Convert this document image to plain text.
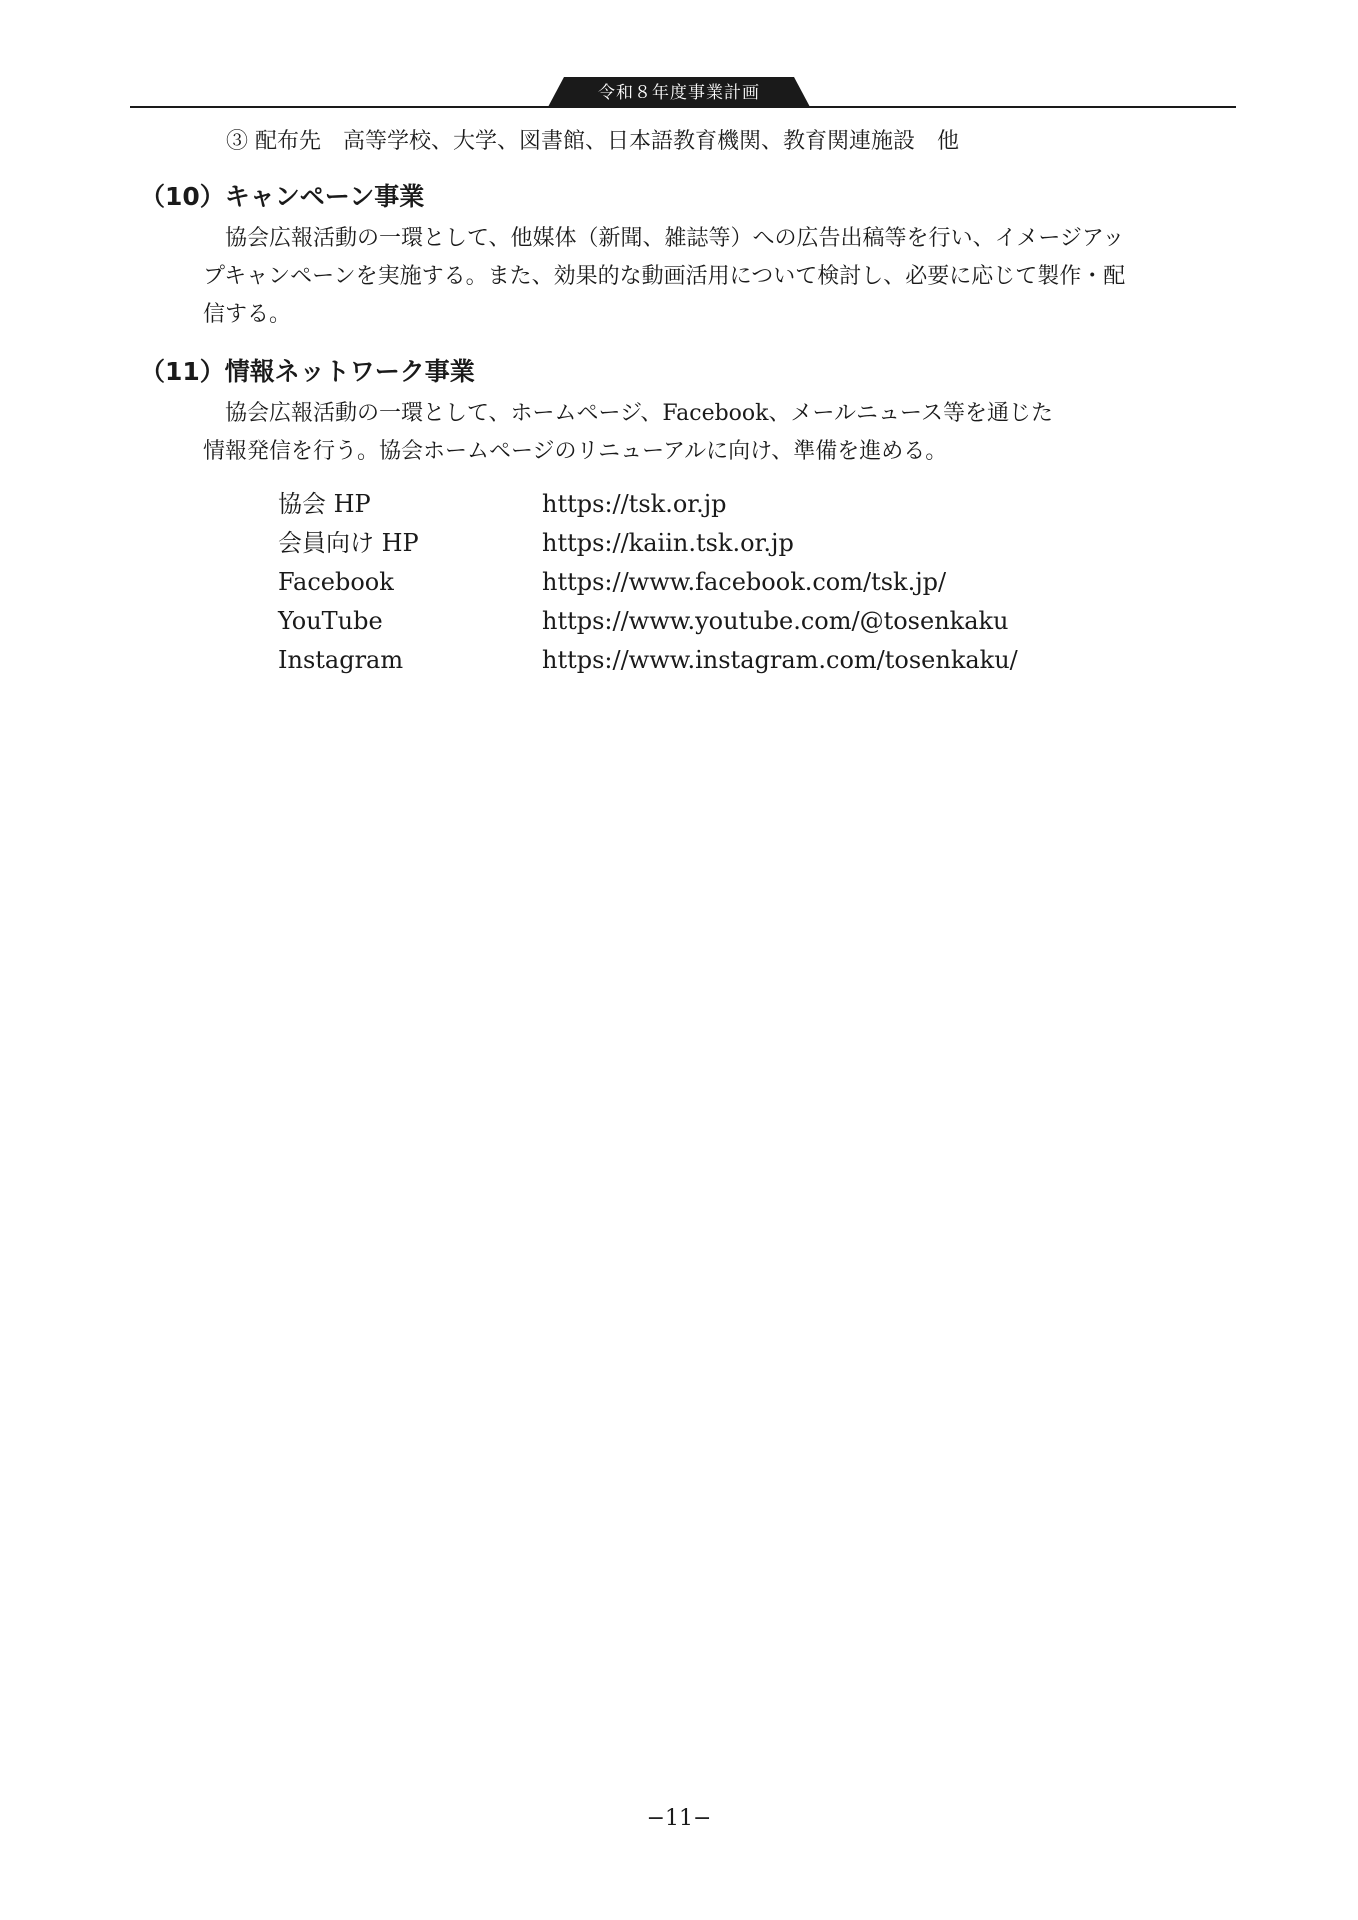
令和８年度事業計画
③ 配布先　高等学校、大学、図書館、日本語教育機関、教育関連施設　他
（10）キャンペーン事業
　協会広報活動の一環として、他媒体（新聞、雑誌等）への広告出稿等を行い、イメージアッ
プキャンペーンを実施する。また、効果的な動画活用について検討し、必要に応じて製作・配
信する。
（11）情報ネットワーク事業
　協会広報活動の一環として、ホームページ、Facebook、メールニュース等を通じた
情報発信を行う。協会ホームページのリニューアルに向け、準備を進める。
協会 HP	https://tsk.or.jp
会員向け HP	https://kaiin.tsk.or.jp
Facebook	https://www.facebook.com/tsk.jp/
YouTube	https://www.youtube.com/@tosenkaku
Instagram	https://www.instagram.com/tosenkaku/
−11−
